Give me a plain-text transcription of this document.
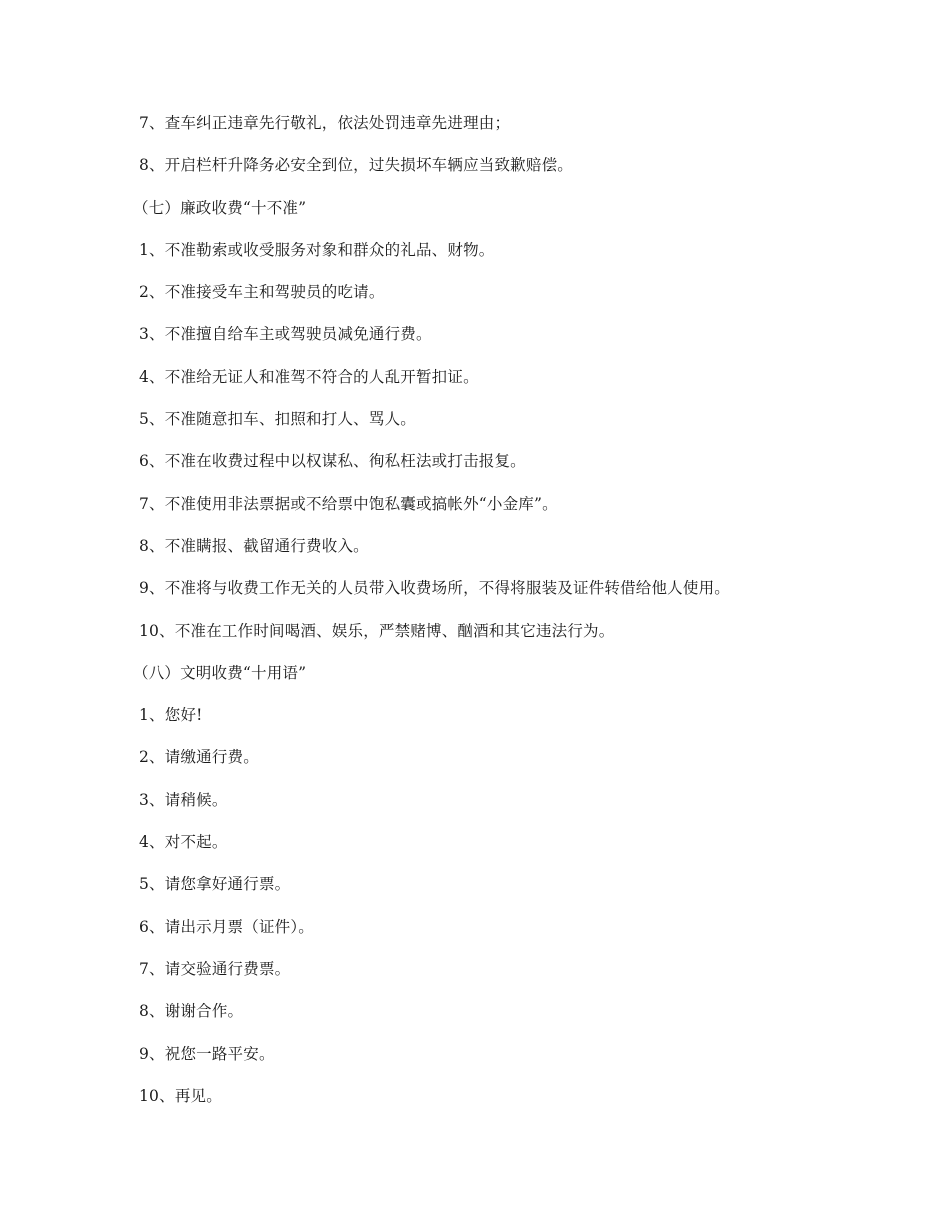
7、查车纠正违章先行敬礼，依法处罚违章先进理由；
8、开启栏杆升降务必安全到位，过失损坏车辆应当致歉赔偿。
（七）廉政收费“十不准”
1、不准勒索或收受服务对象和群众的礼品、财物。
2、不准接受车主和驾驶员的吃请。
3、不准擅自给车主或驾驶员减免通行费。
4、不准给无证人和准驾不符合的人乱开暂扣证。
5、不准随意扣车、扣照和打人、骂人。
6、不准在收费过程中以权谋私、徇私枉法或打击报复。
7、不准使用非法票据或不给票中饱私囊或搞帐外“小金库”。
8、不准瞒报、截留通行费收入。
9、不准将与收费工作无关的人员带入收费场所，不得将服装及证件转借给他人使用。
10、不准在工作时间喝酒、娱乐，严禁赌博、酗酒和其它违法行为。
（八）文明收费“十用语”
1、您好!
2、请缴通行费。
3、请稍候。
4、对不起。
5、请您拿好通行票。
6、请出示月票（证件）。
7、请交验通行费票。
8、谢谢合作。
9、祝您一路平安。
10、再见。
